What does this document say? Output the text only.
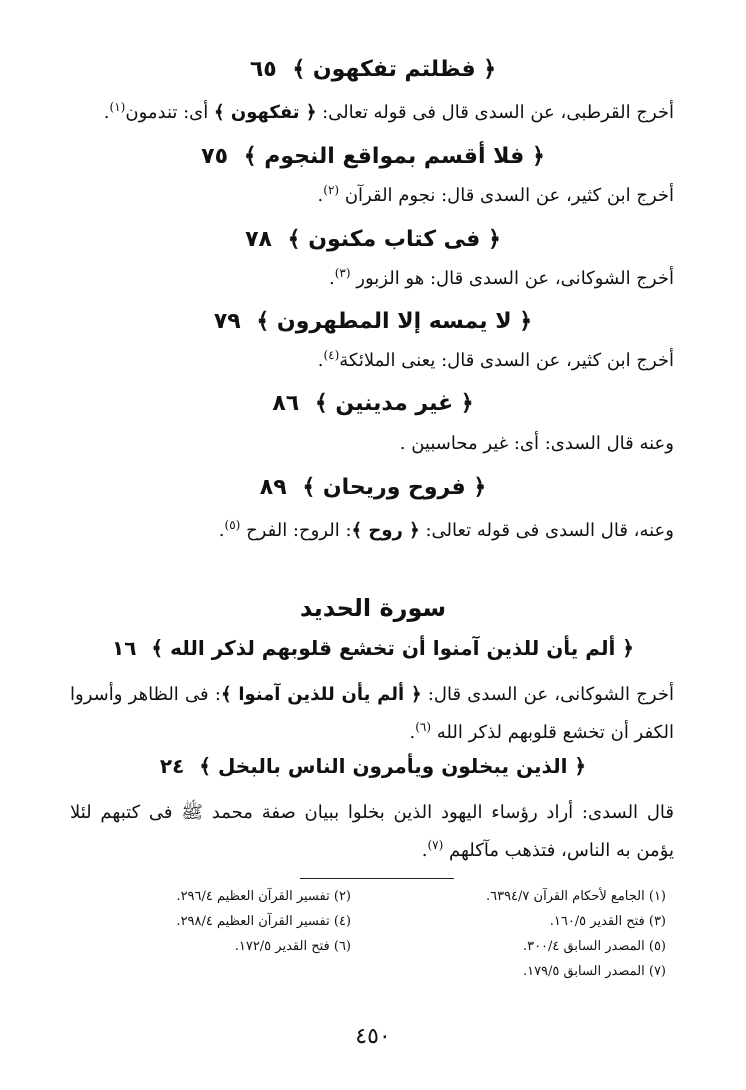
﴿ فظلتم تفكهون ﴾ ٦٥
أخرج القرطبى، عن السدى قال فى قوله تعالى: ﴿ تفكهون ﴾ أى: تندمون$^{(١)}$.
﴿ فلا أقسم بمواقع النجوم ﴾ ٧٥
أخرج ابن كثير، عن السدى قال: نجوم القرآن $^{(٢)}$.
﴿ فى كتاب مكنون ﴾ ٧٨
أخرج الشوكانى، عن السدى قال: هو الزبور $^{(٣)}$.
﴿ لا يمسه إلا المطهرون ﴾ ٧٩
أخرج ابن كثير، عن السدى قال: يعنى الملائكة$^{(٤)}$.
﴿ غير مدينين ﴾ ٨٦
وعنه قال السدى: أى: غير محاسبين .
﴿ فروح وريحان ﴾ ٨٩
وعنه، قال السدى فى قوله تعالى: ﴿ روح ﴾: الروح: الفرح $^{(٥)}$.
سورة الحديد
﴿ ألم يأن للذين آمنوا أن تخشع قلوبهم لذكر الله ﴾ ١٦
أخرج الشوكانى، عن السدى قال: ﴿ ألم يأن للذين آمنوا ﴾: فى الظاهر وأسروا الكفر أن تخشع قلوبهم لذكر الله $^{(٦)}$.
﴿ الذين يبخلون ويأمرون الناس بالبخل ﴾ ٢٤
قال السدى: أراد رؤساء اليهود الذين بخلوا ببيان صفة محمد ﷺ فى كتبهم لئلا يؤمن به الناس، فتذهب مآكلهم $^{(٧)}$.
(١) الجامع لأحكام القرآن ٦٣٩٤/٧.
(٢) تفسير القرآن العظيم ٢٩٦/٤.
(٣) فتح القدير ١٦٠/٥.
(٤) تفسير القرآن العظيم ٢٩٨/٤.
(٥) المصدر السابق ٣٠٠/٤.
(٦) فتح القدير ١٧٢/٥.
(٧) المصدر السابق ١٧٩/٥.
٤٥٠
